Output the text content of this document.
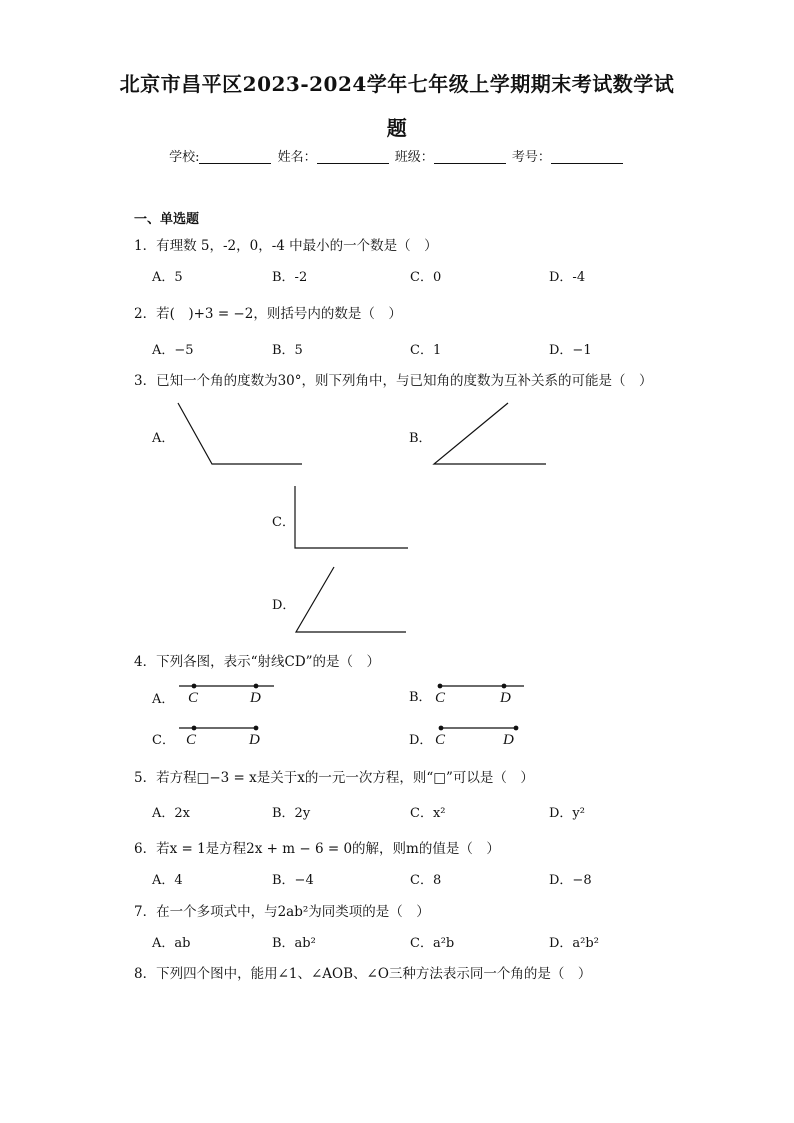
北京市昌平区2023-2024学年七年级上学期期末考试数学试
题
学校:	姓名：	班级：	考号：
一、单选题
1．有理数 5，-2，0，-4 中最小的一个数是（　）
A．5	B．-2	C．0	D．-4
2．若(　)+3 = −2，则括号内的数是（　）
A．−5	B．5	C．1	D．−1
3．已知一个角的度数为30°，则下列角中，与已知角的度数为互补关系的可能是（　）
A．	B．
C．
D．
4．下列各图，表示“射线CD”的是（　）
A． C	D	B． C	D
C． C	D	D． C	D
5．若方程□−3 = x是关于x的一元一次方程，则“□”可以是（　）
A．2x	B．2y	C．x²	D．y²
6．若x = 1是方程2x + m − 6 = 0的解，则m的值是（　）
A．4	B．−4	C．8	D．−8
7．在一个多项式中，与2ab²为同类项的是（　）
A．ab	B．ab²	C．a²b	D．a²b²
8．下列四个图中，能用∠1、∠AOB、∠O三种方法表示同一个角的是（　）
